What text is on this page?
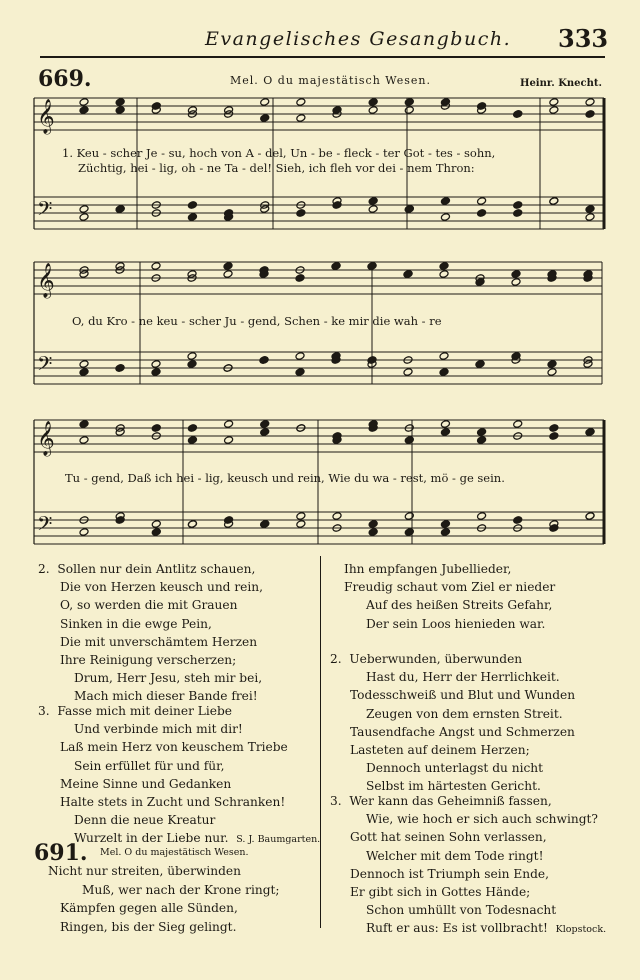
Evangelisches Gesangbuch. 333
669.	Mel. O du majestätisch Wesen.	Heinr. Knecht.
𝄞
𝄢
𝄞
𝄢
𝄞
𝄢
1. Keu - scher Je - su, hoch von A - del, Un - be - fleck - ter Got - tes - sohn,
Züchtig, hei - lig, oh - ne Ta - del! Sieh, ich fleh vor dei - nem Thron:
O, du Kro - ne keu - scher Ju - gend, Schen - ke mir die wah - re
Tu - gend, Daß ich hei - lig, keusch und rein, Wie du wa - rest, mö - ge sein.
2. Sollen nur dein Antlitz schauen,
Die von Herzen keusch und rein,
O, so werden die mit Grauen
Sinken in die ewge Pein,
Die mit unverschämtem Herzen
Ihre Reinigung verscherzen;
Drum, Herr Jesu, steh mir bei,
Mach mich dieser Bande frei!
3. Fasse mich mit deiner Liebe
Und verbinde mich mit dir!
Laß mein Herz von keuschem Triebe
Sein erfüllet für und für,
Meine Sinne und Gedanken
Halte stets in Zucht und Schranken!
Denn die neue Kreatur
Wurzelt in der Liebe nur. S. J. Baumgarten.
691. Mel. O du majestätisch Wesen.
Nicht nur streiten, überwinden
Muß, wer nach der Krone ringt;
Kämpfen gegen alle Sünden,
Ringen, bis der Sieg gelingt.
Ihn empfangen Jubellieder,
Freudig schaut vom Ziel er nieder
Auf des heißen Streits Gefahr,
Der sein Loos hienieden war.
2. Ueberwunden, überwunden
Hast du, Herr der Herrlichkeit.
Todesschweiß und Blut und Wunden
Zeugen von dem ernsten Streit.
Tausendfache Angst und Schmerzen
Lasteten auf deinem Herzen;
Dennoch unterlagst du nicht
Selbst im härtesten Gericht.
3. Wer kann das Geheimniß fassen,
Wie, wie hoch er sich auch schwingt?
Gott hat seinen Sohn verlassen,
Welcher mit dem Tode ringt!
Dennoch ist Triumph sein Ende,
Er gibt sich in Gottes Hände;
Schon umhüllt von Todesnacht
Ruft er aus: Es ist vollbracht! Klopstock.
